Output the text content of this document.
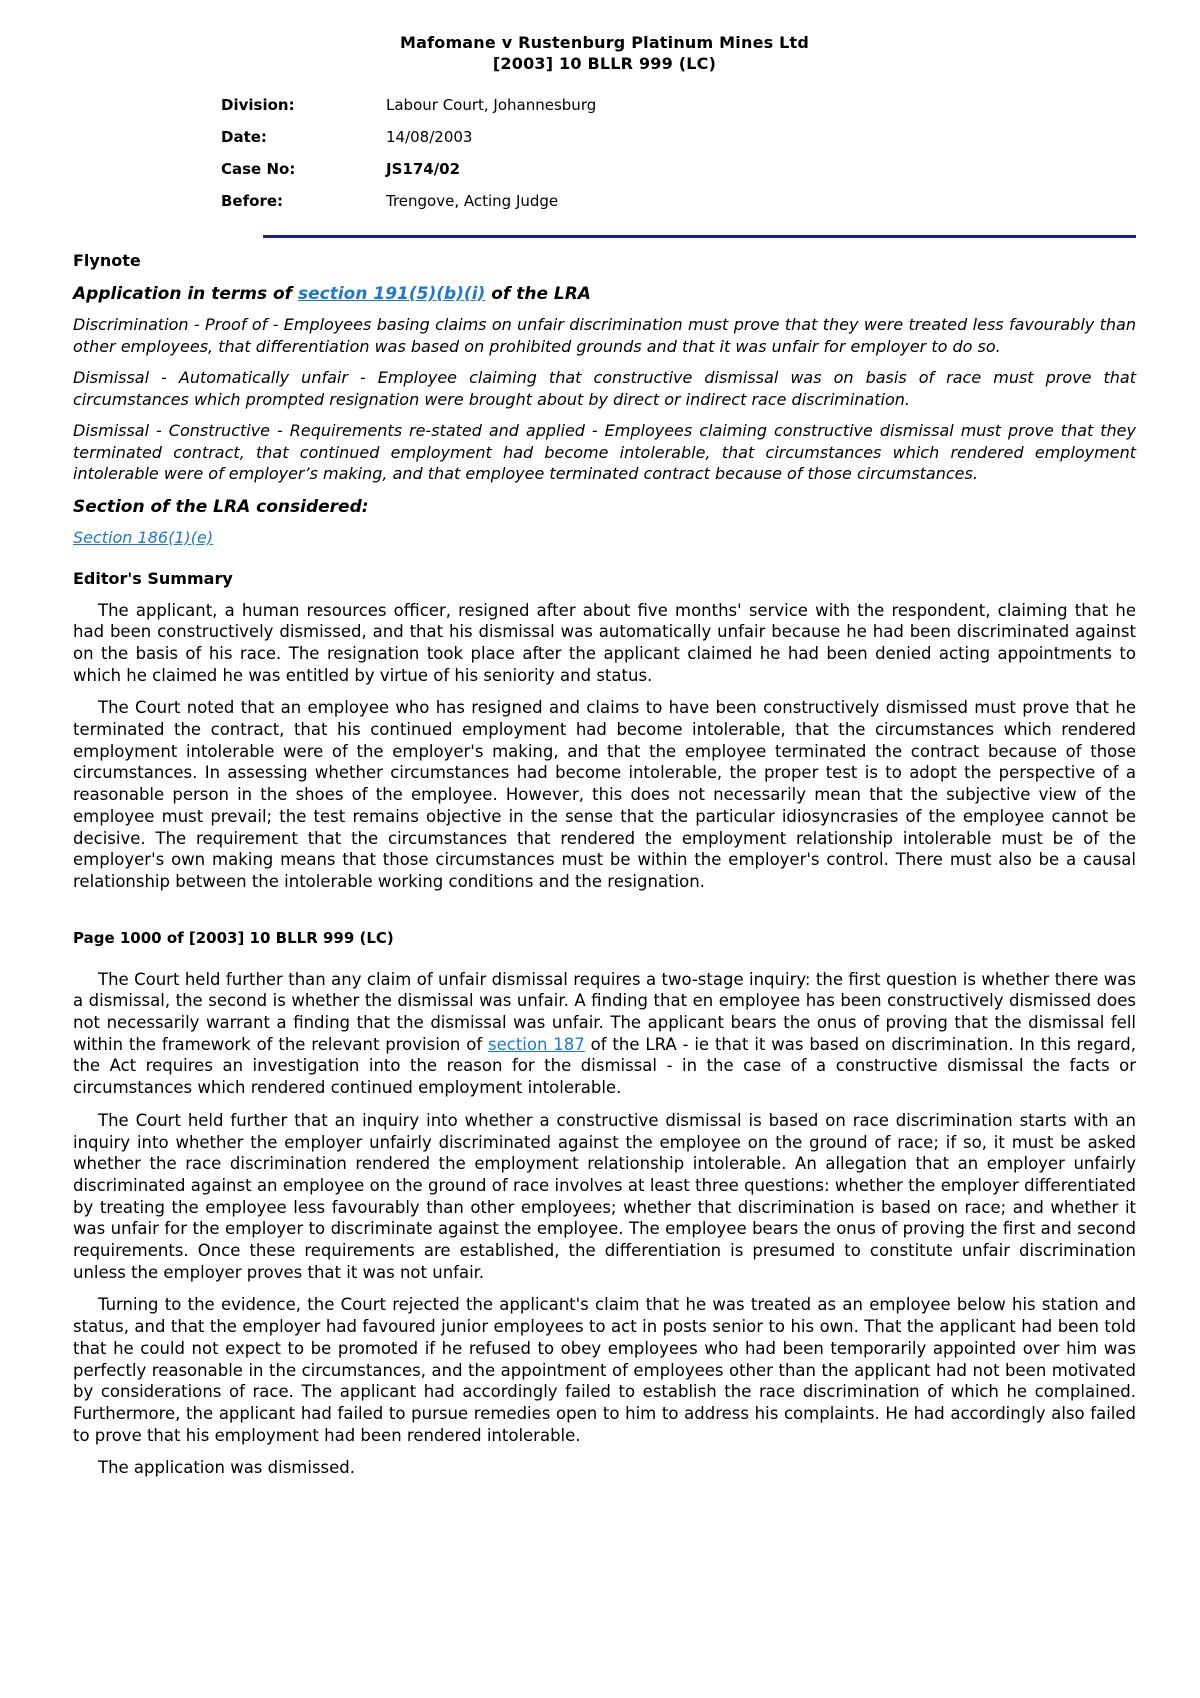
Mafomane v Rustenburg Platinum Mines Ltd
[2003] 10 BLLR 999 (LC)
Division:	Labour Court, Johannesburg
Date:	14/08/2003
Case No:	JS174/02
Before:	Trengove, Acting Judge
Flynote
Application in terms of section 191(5)(b)(i) of the LRA

Discrimination - Proof of - Employees basing claims on unfair discrimination must prove that they were treated less favourably than other employees, that differentiation was based on prohibited grounds and that it was unfair for employer to do so.

Dismissal - Automatically unfair - Employee claiming that constructive dismissal was on basis of race must prove that circumstances which prompted resignation were brought about by direct or indirect race discrimination.

Dismissal - Constructive - Requirements re-stated and applied - Employees claiming constructive dismissal must prove that they terminated contract, that continued employment had become intolerable, that circumstances which rendered employment intolerable were of employer’s making, and that employee terminated contract because of those circumstances.

Section of the LRA considered:
Section 186(1)(e)
Editor's Summary

The applicant, a human resources officer, resigned after about five months' service with the respondent, claiming that he had been constructively dismissed, and that his dismissal was automatically unfair because he had been discriminated against on the basis of his race. The resignation took place after the applicant claimed he had been denied acting appointments to which he claimed he was entitled by virtue of his seniority and status.

The Court noted that an employee who has resigned and claims to have been constructively dismissed must prove that he terminated the contract, that his continued employment had become intolerable, that the circumstances which rendered employment intolerable were of the employer's making, and that the employee terminated the contract because of those circumstances. In assessing whether circumstances had become intolerable, the proper test is to adopt the perspective of a reasonable person in the shoes of the employee. However, this does not necessarily mean that the subjective view of the employee must prevail; the test remains objective in the sense that the particular idiosyncrasies of the employee cannot be decisive. The requirement that the circumstances that rendered the employment relationship intolerable must be of the employer's own making means that those circumstances must be within the employer's control. There must also be a causal relationship between the intolerable working conditions and the resignation.

Page 1000 of [2003] 10 BLLR 999 (LC)

The Court held further than any claim of unfair dismissal requires a two-stage inquiry: the first question is whether there was a dismissal, the second is whether the dismissal was unfair. A finding that en employee has been constructively dismissed does not necessarily warrant a finding that the dismissal was unfair. The applicant bears the onus of proving that the dismissal fell within the framework of the relevant provision of section 187 of the LRA - ie that it was based on discrimination. In this regard, the Act requires an investigation into the reason for the dismissal - in the case of a constructive dismissal the facts or circumstances which rendered continued employment intolerable.

The Court held further that an inquiry into whether a constructive dismissal is based on race discrimination starts with an inquiry into whether the employer unfairly discriminated against the employee on the ground of race; if so, it must be asked whether the race discrimination rendered the employment relationship intolerable. An allegation that an employer unfairly discriminated against an employee on the ground of race involves at least three questions: whether the employer differentiated by treating the employee less favourably than other employees; whether that discrimination is based on race; and whether it was unfair for the employer to discriminate against the employee. The employee bears the onus of proving the first and second requirements. Once these requirements are established, the differentiation is presumed to constitute unfair discrimination unless the employer proves that it was not unfair.

Turning to the evidence, the Court rejected the applicant's claim that he was treated as an employee below his station and status, and that the employer had favoured junior employees to act in posts senior to his own. That the applicant had been told that he could not expect to be promoted if he refused to obey employees who had been temporarily appointed over him was perfectly reasonable in the circumstances, and the appointment of employees other than the applicant had not been motivated by considerations of race. The applicant had accordingly failed to establish the race discrimination of which he complained. Furthermore, the applicant had failed to pursue remedies open to him to address his complaints. He had accordingly also failed to prove that his employment had been rendered intolerable.

The application was dismissed.
